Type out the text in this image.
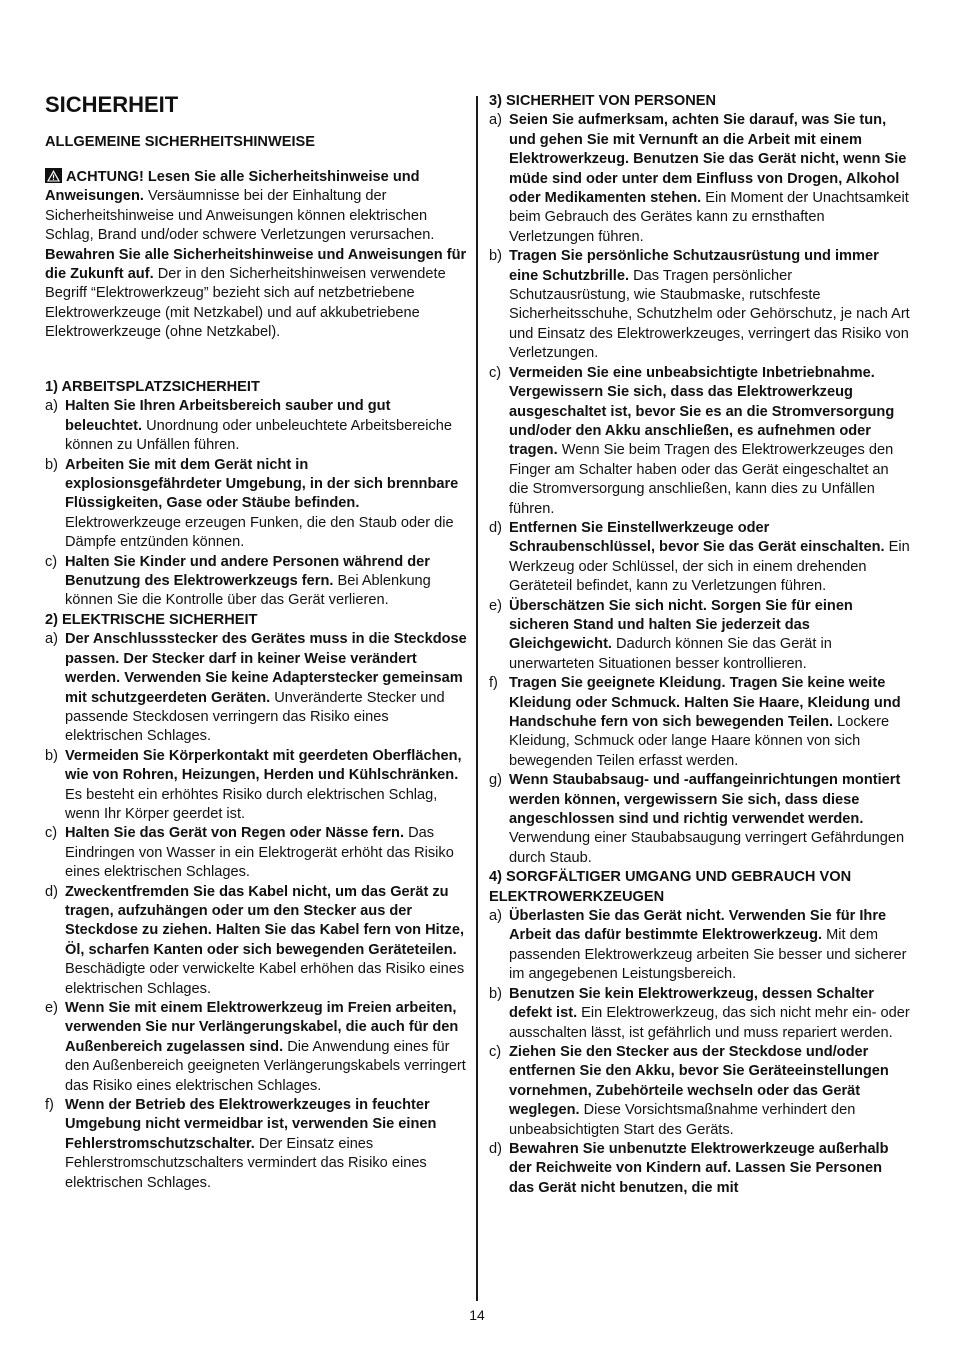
SICHERHEIT

ALLGEMEINE SICHERHEITSHINWEISE

ACHTUNG! Lesen Sie alle Sicherheitshinweise und Anweisungen. Versäumnisse bei der Einhaltung der Sicherheitshinweise und Anweisungen können elektrischen Schlag, Brand und/oder schwere Verletzungen verursachen. Bewahren Sie alle Sicherheitshinweise und Anweisungen für die Zukunft auf. Der in den Sicherheitshinweisen verwendete Begriff “Elektrowerkzeug” bezieht sich auf netzbetriebene Elektrowerkzeuge (mit Netzkabel) und auf akkubetriebene Elektrowerkzeuge (ohne Netzkabel).

1) ARBEITSPLATZSICHERHEIT

a) Halten Sie Ihren Arbeitsbereich sauber und gut beleuchtet. Unordnung oder unbeleuchtete Arbeitsbereiche können zu Unfällen führen.
b) Arbeiten Sie mit dem Gerät nicht in explosionsgefährdeter Umgebung, in der sich brennbare Flüssigkeiten, Gase oder Stäube befinden. Elektrowerkzeuge erzeugen Funken, die den Staub oder die Dämpfe entzünden können.
c) Halten Sie Kinder und andere Personen während der Benutzung des Elektrowerkzeugs fern. Bei Ablenkung können Sie die Kontrolle über das Gerät verlieren.

2) ELEKTRISCHE SICHERHEIT

a) Der Anschlussstecker des Gerätes muss in die Steckdose passen. Der Stecker darf in keiner Weise verändert werden. Verwenden Sie keine Adapterstecker gemeinsam mit schutzgeerdeten Geräten. Unveränderte Stecker und passende Steckdosen verringern das Risiko eines elektrischen Schlages.
b) Vermeiden Sie Körperkontakt mit geerdeten Oberflächen, wie von Rohren, Heizungen, Herden und Kühlschränken. Es besteht ein erhöhtes Risiko durch elektrischen Schlag, wenn Ihr Körper geerdet ist.
c) Halten Sie das Gerät von Regen oder Nässe fern. Das Eindringen von Wasser in ein Elektrogerät erhöht das Risiko eines elektrischen Schlages.
d) Zweckentfremden Sie das Kabel nicht, um das Gerät zu tragen, aufzuhängen oder um den Stecker aus der Steckdose zu ziehen. Halten Sie das Kabel fern von Hitze, Öl, scharfen Kanten oder sich bewegenden Geräteteilen. Beschädigte oder verwickelte Kabel erhöhen das Risiko eines elektrischen Schlages.
e) Wenn Sie mit einem Elektrowerkzeug im Freien arbeiten, verwenden Sie nur Verlängerungskabel, die auch für den Außenbereich zugelassen sind. Die Anwendung eines für den Außenbereich geeigneten Verlängerungskabels verringert das Risiko eines elektrischen Schlages.
f) Wenn der Betrieb des Elektrowerkzeuges in feuchter Umgebung nicht vermeidbar ist, verwenden Sie einen Fehlerstromschutzschalter. Der Einsatz eines Fehlerstromschutzschalters vermindert das Risiko eines elektrischen Schlages.

3) SICHERHEIT VON PERSONEN

a) Seien Sie aufmerksam, achten Sie darauf, was Sie tun, und gehen Sie mit Vernunft an die Arbeit mit einem Elektrowerkzeug. Benutzen Sie das Gerät nicht, wenn Sie müde sind oder unter dem Einfluss von Drogen, Alkohol oder Medikamenten stehen. Ein Moment der Unachtsamkeit beim Gebrauch des Gerätes kann zu ernsthaften Verletzungen führen.
b) Tragen Sie persönliche Schutzausrüstung und immer eine Schutzbrille. Das Tragen persönlicher Schutzausrüstung, wie Staubmaske, rutschfeste Sicherheitsschuhe, Schutzhelm oder Gehörschutz, je nach Art und Einsatz des Elektrowerkzeuges, verringert das Risiko von Verletzungen.
c) Vermeiden Sie eine unbeabsichtigte Inbetriebnahme. Vergewissern Sie sich, dass das Elektrowerkzeug ausgeschaltet ist, bevor Sie es an die Stromversorgung und/oder den Akku anschließen, es aufnehmen oder tragen. Wenn Sie beim Tragen des Elektrowerkzeuges den Finger am Schalter haben oder das Gerät eingeschaltet an die Stromversorgung anschließen, kann dies zu Unfällen führen.
d) Entfernen Sie Einstellwerkzeuge oder Schraubenschlüssel, bevor Sie das Gerät einschalten. Ein Werkzeug oder Schlüssel, der sich in einem drehenden Geräteteil befindet, kann zu Verletzungen führen.
e) Überschätzen Sie sich nicht. Sorgen Sie für einen sicheren Stand und halten Sie jederzeit das Gleichgewicht. Dadurch können Sie das Gerät in unerwarteten Situationen besser kontrollieren.
f) Tragen Sie geeignete Kleidung. Tragen Sie keine weite Kleidung oder Schmuck. Halten Sie Haare, Kleidung und Handschuhe fern von sich bewegenden Teilen. Lockere Kleidung, Schmuck oder lange Haare können von sich bewegenden Teilen erfasst werden.
g) Wenn Staubabsaug- und -auffangeinrichtungen montiert werden können, vergewissern Sie sich, dass diese angeschlossen sind und richtig verwendet werden. Verwendung einer Staubabsaugung verringert Gefährdungen durch Staub.

4) SORGFÄLTIGER UMGANG UND GEBRAUCH VON ELEKTROWERKZEUGEN

a) Überlasten Sie das Gerät nicht. Verwenden Sie für Ihre Arbeit das dafür bestimmte Elektrowerkzeug. Mit dem passenden Elektrowerkzeug arbeiten Sie besser und sicherer im angegebenen Leistungsbereich.
b) Benutzen Sie kein Elektrowerkzeug, dessen Schalter defekt ist. Ein Elektrowerkzeug, das sich nicht mehr ein- oder ausschalten lässt, ist gefährlich und muss repariert werden.
c) Ziehen Sie den Stecker aus der Steckdose und/oder entfernen Sie den Akku, bevor Sie Geräteeinstellungen vornehmen, Zubehörteile wechseln oder das Gerät weglegen. Diese Vorsichtsmaßnahme verhindert den unbeabsichtigten Start des Geräts.
d) Bewahren Sie unbenutzte Elektrowerkzeuge außerhalb der Reichweite von Kindern auf. Lassen Sie Personen das Gerät nicht benutzen, die mit
14
